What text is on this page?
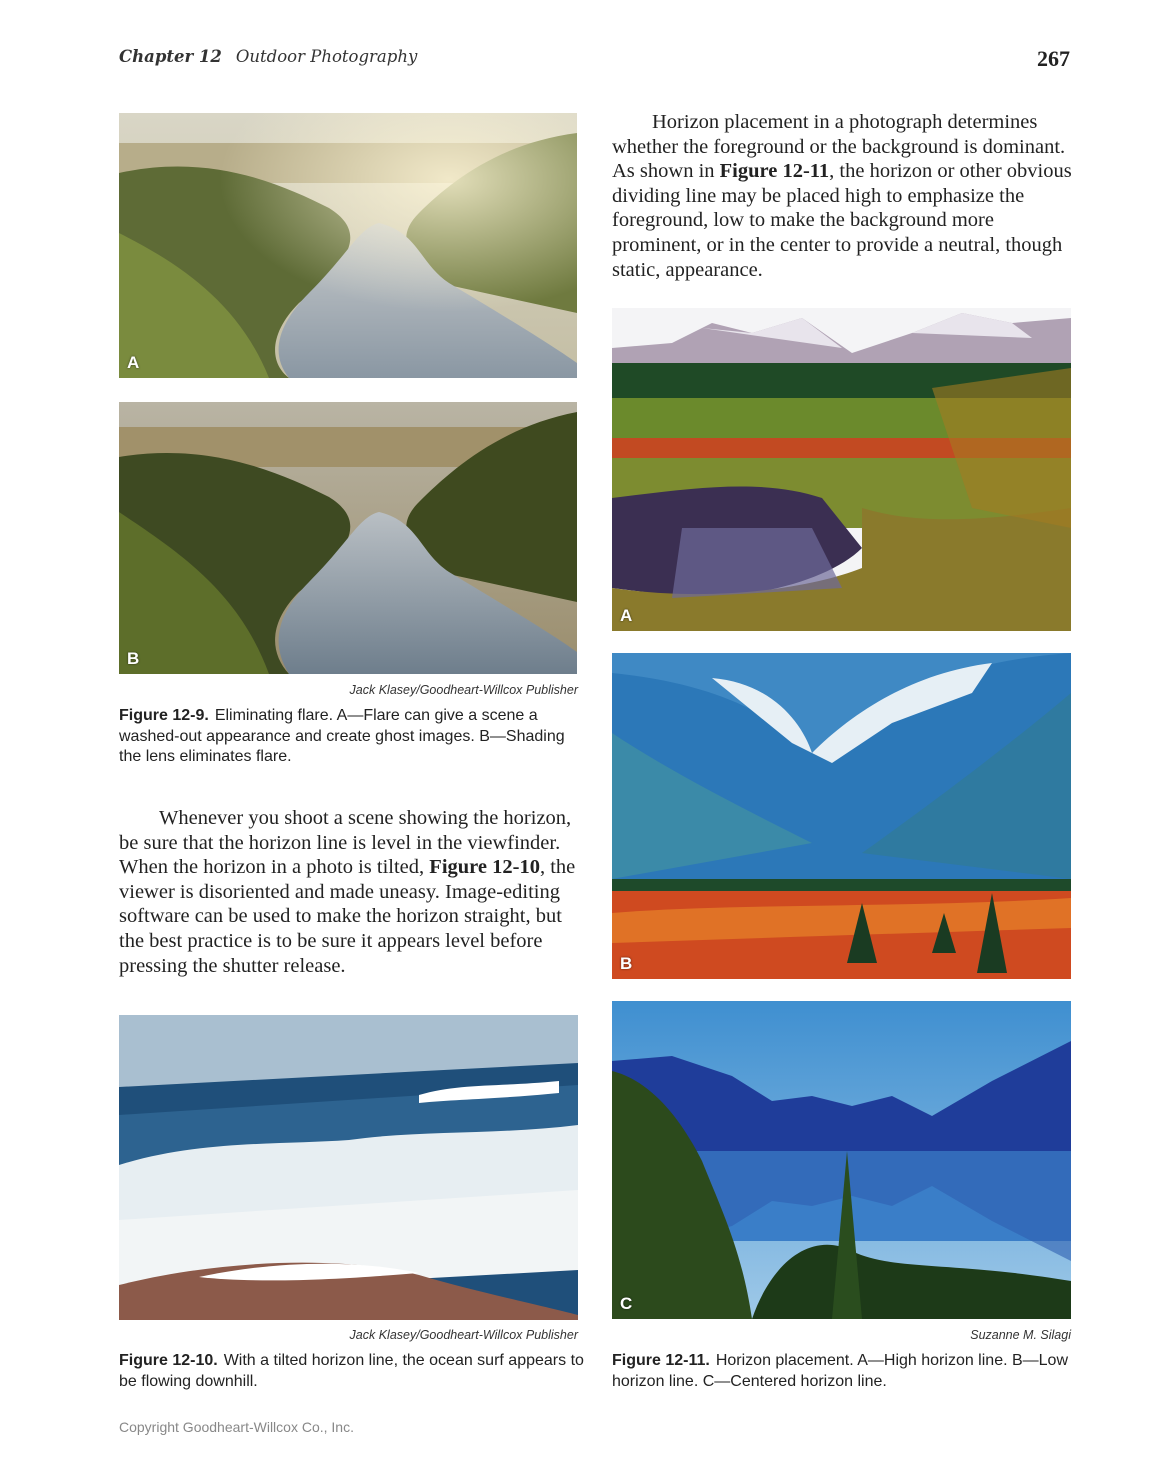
Chapter 12 Outdoor Photography	267
A
B
Jack Klasey/Goodheart-Willcox Publisher
Figure 12-9. Eliminating flare. A—Flare can give a scene a washed-out appearance and create ghost images. B—Shading the lens eliminates flare.

Whenever you shoot a scene showing the horizon, be sure that the horizon line is level in the viewfinder. When the horizon in a photo is tilted, Figure 12-10, the viewer is disoriented and made uneasy. Image-editing software can be used to make the horizon straight, but the best practice is to be sure it appears level before pressing the shutter release.

Jack Klasey/Goodheart-Willcox Publisher
Figure 12-10. With a tilted horizon line, the ocean surf appears to be flowing downhill.

Horizon placement in a photograph determines whether the foreground or the background is dominant. As shown in Figure 12-11, the horizon or other obvious dividing line may be placed high to emphasize the foreground, low to make the background more prominent, or in the center to provide a neutral, though static, appearance.

A
B
C
Suzanne M. Silagi
Figure 12-11. Horizon placement. A—High horizon line. B—Low horizon line. C—Centered horizon line.
Copyright Goodheart-Willcox Co., Inc.
